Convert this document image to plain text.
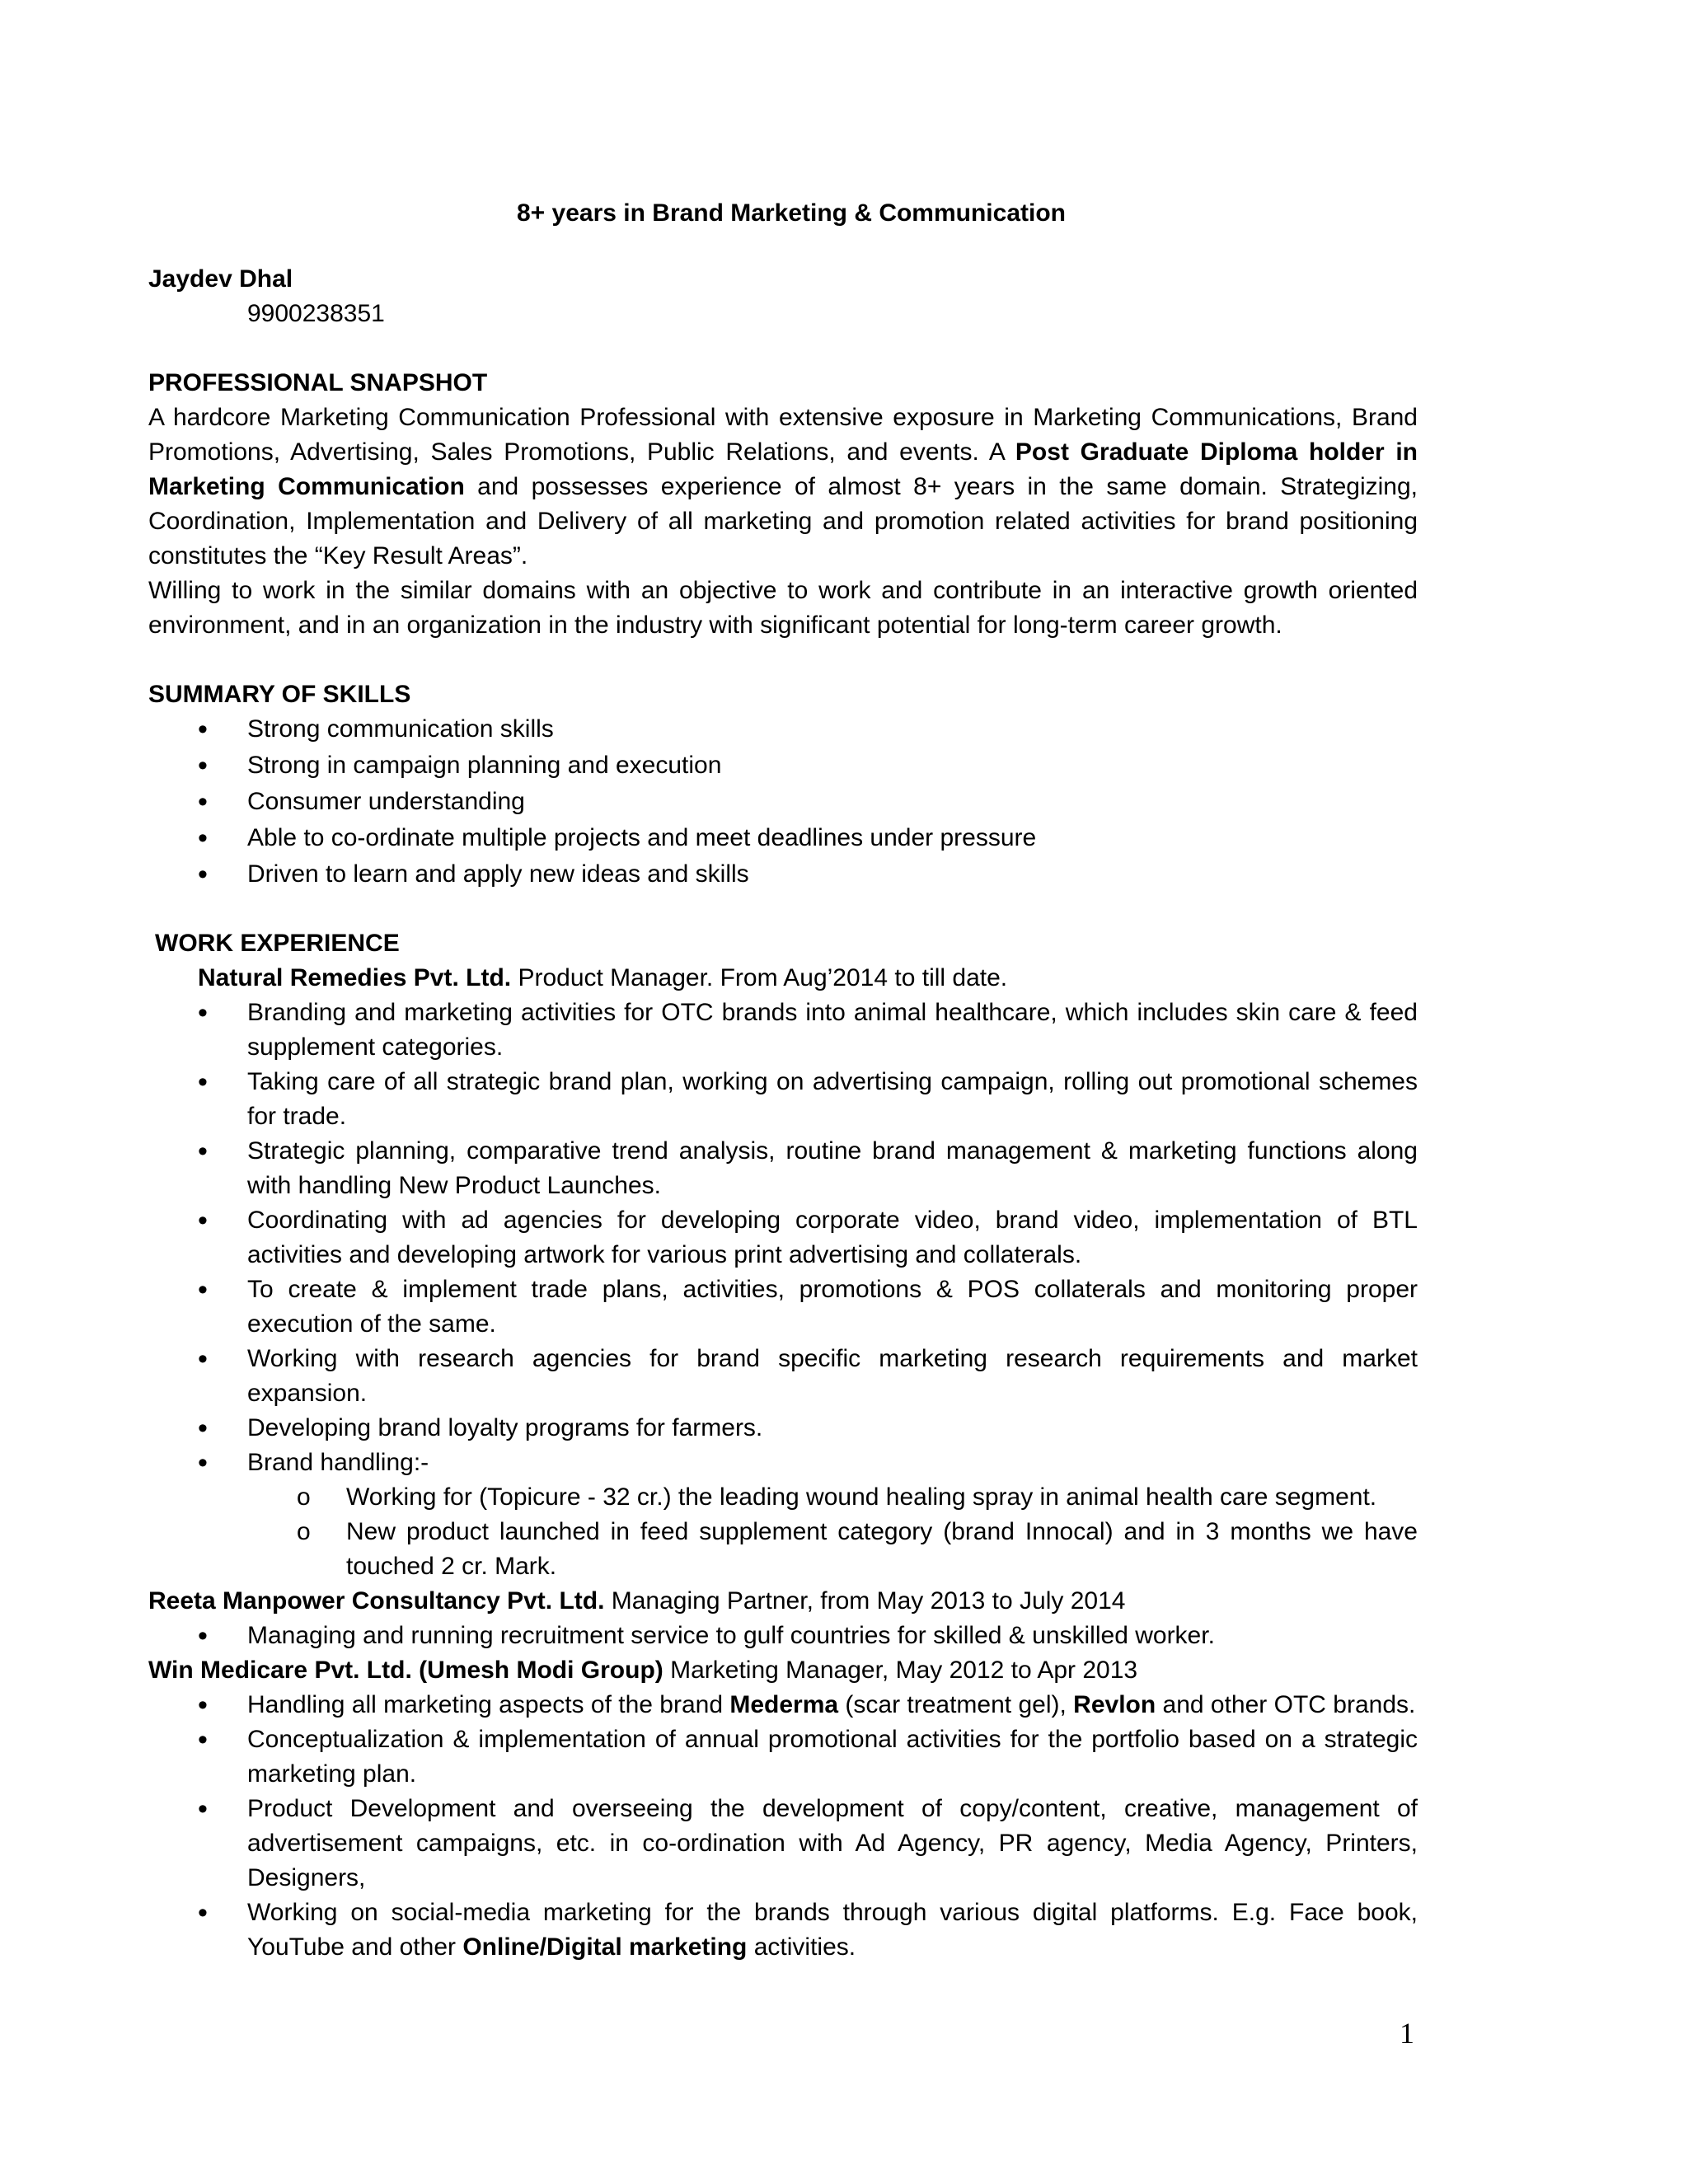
8+ years in Brand Marketing & Communication
Jaydev Dhal
9900238351
PROFESSIONAL SNAPSHOT
A hardcore Marketing Communication Professional with extensive exposure in Marketing Communications, Brand Promotions, Advertising, Sales Promotions, Public Relations, and events. A Post Graduate Diploma holder in Marketing Communication and possesses experience of almost 8+ years in the same domain. Strategizing, Coordination, Implementation and Delivery of all marketing and promotion related activities for brand positioning constitutes the “Key Result Areas”.
Willing to work in the similar domains with an objective to work and contribute in an interactive growth oriented environment, and in an organization in the industry with significant potential for long-term career growth.
SUMMARY OF SKILLS
• Strong communication skills
• Strong in campaign planning and execution
• Consumer understanding
• Able to co-ordinate multiple projects and meet deadlines under pressure
• Driven to learn and apply new ideas and skills
WORK EXPERIENCE
Natural Remedies Pvt. Ltd. Product Manager. From Aug’2014 to till date.
• Branding and marketing activities for OTC brands into animal healthcare, which includes skin care & feed supplement categories.
• Taking care of all strategic brand plan, working on advertising campaign, rolling out promotional schemes for trade.
• Strategic planning, comparative trend analysis, routine brand management & marketing functions along with handling New Product Launches.
• Coordinating with ad agencies for developing corporate video, brand video, implementation of BTL activities and developing artwork for various print advertising and collaterals.
• To create & implement trade plans, activities, promotions & POS collaterals and monitoring proper execution of the same.
• Working with research agencies for brand specific marketing research requirements and market expansion.
• Developing brand loyalty programs for farmers.
• Brand handling:-
o Working for (Topicure - 32 cr.) the leading wound healing spray in animal health care segment.
o New product launched in feed supplement category (brand Innocal) and in 3 months we have touched 2 cr. Mark.
Reeta Manpower Consultancy Pvt. Ltd. Managing Partner, from May 2013 to July 2014
• Managing and running recruitment service to gulf countries for skilled & unskilled worker.
Win Medicare Pvt. Ltd. (Umesh Modi Group) Marketing Manager, May 2012 to Apr 2013
• Handling all marketing aspects of the brand Mederma (scar treatment gel), Revlon and other OTC brands.
• Conceptualization & implementation of annual promotional activities for the portfolio based on a strategic marketing plan.
• Product Development and overseeing the development of copy/content, creative, management of advertisement campaigns, etc. in co-ordination with Ad Agency, PR agency, Media Agency, Printers, Designers,
• Working on social-media marketing for the brands through various digital platforms. E.g. Face book, YouTube and other Online/Digital marketing activities.
1
